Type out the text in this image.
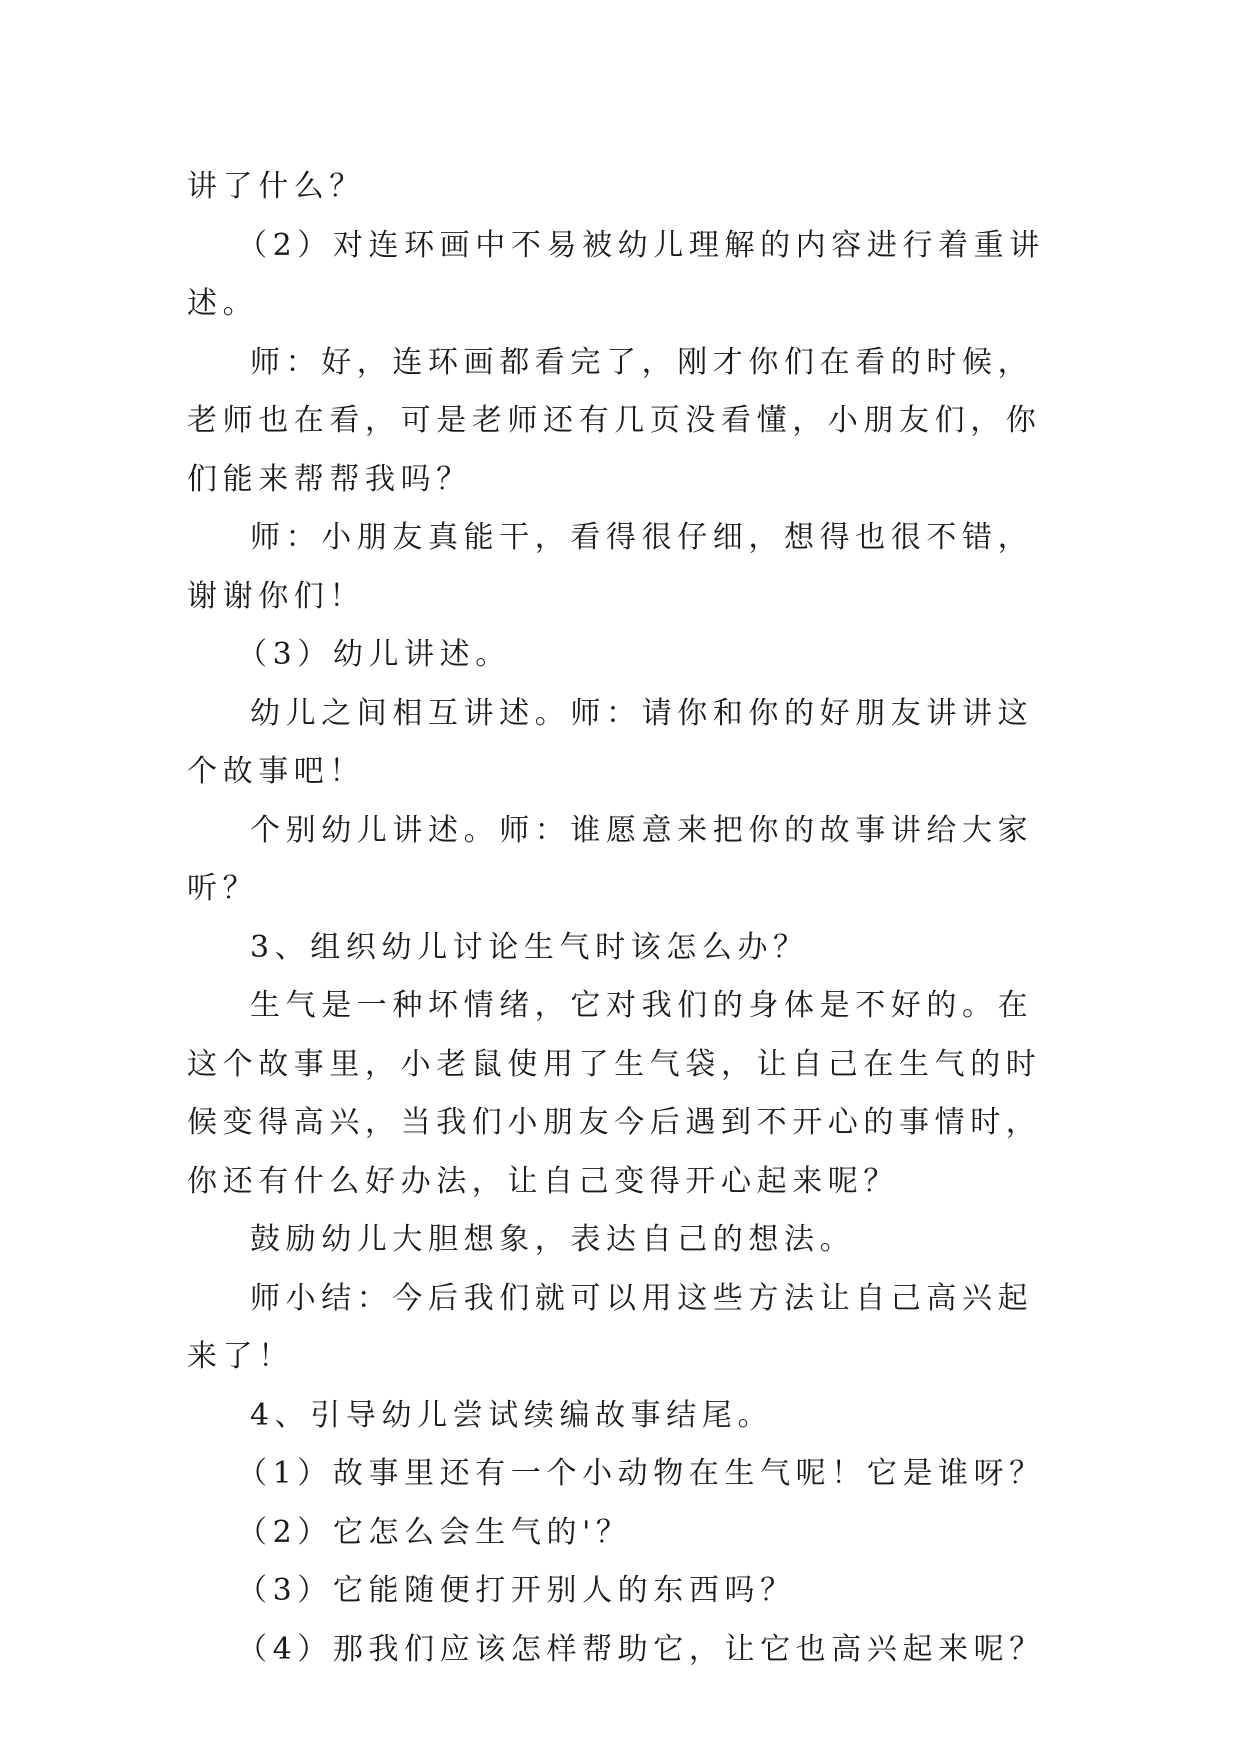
讲了什么？

（2）对连环画中不易被幼儿理解的内容进行着重讲述。

师：好，连环画都看完了，刚才你们在看的时候，老师也在看，可是老师还有几页没看懂，小朋友们，你们能来帮帮我吗？

师：小朋友真能干，看得很仔细，想得也很不错，谢谢你们！

（3）幼儿讲述。

幼儿之间相互讲述。师：请你和你的好朋友讲讲这个故事吧！

个别幼儿讲述。师：谁愿意来把你的故事讲给大家听？

3、组织幼儿讨论生气时该怎么办？

生气是一种坏情绪，它对我们的身体是不好的。在这个故事里，小老鼠使用了生气袋，让自己在生气的时候变得高兴，当我们小朋友今后遇到不开心的事情时，你还有什么好办法，让自己变得开心起来呢？

鼓励幼儿大胆想象，表达自己的想法。

师小结：今后我们就可以用这些方法让自己高兴起来了！

4、引导幼儿尝试续编故事结尾。

（1）故事里还有一个小动物在生气呢！它是谁呀？

（2）它怎么会生气的'？

（3）它能随便打开别人的东西吗？

（4）那我们应该怎样帮助它，让它也高兴起来呢？
